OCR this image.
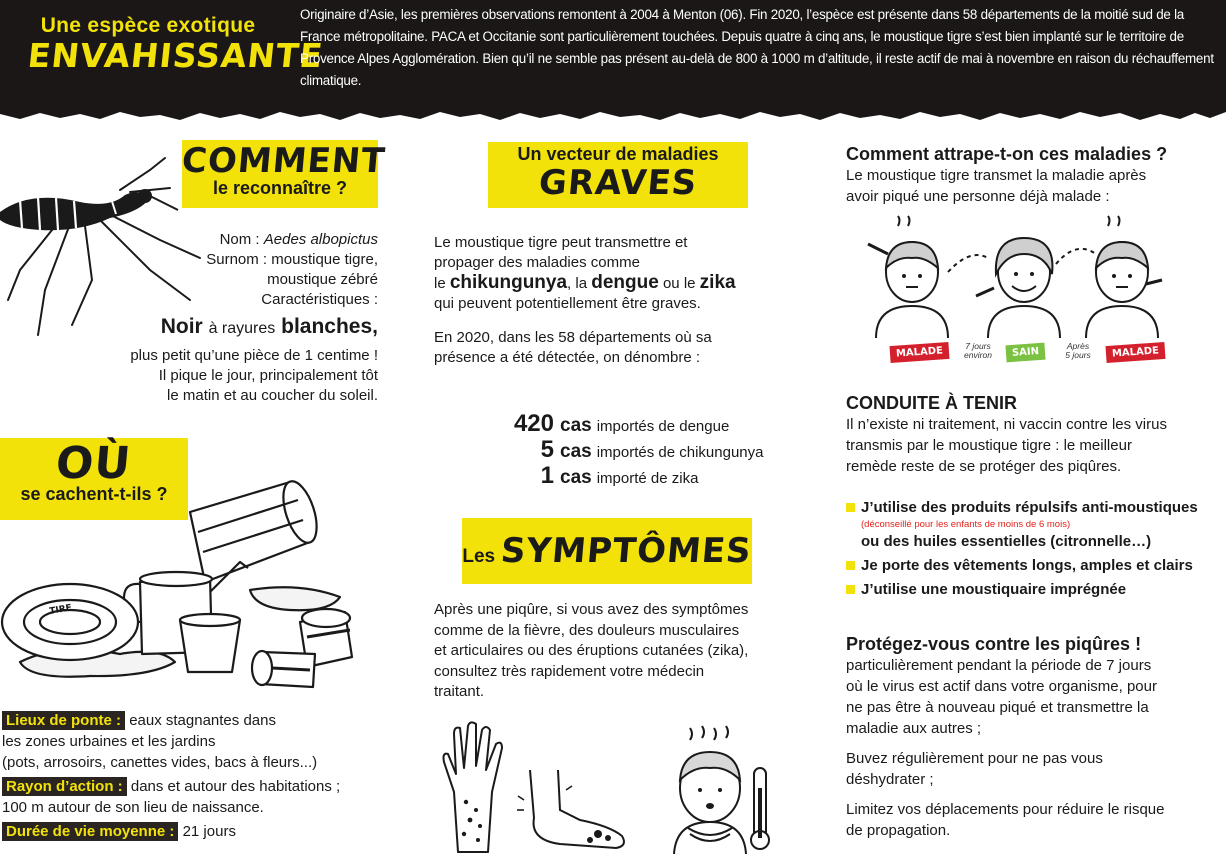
Une espèce exotique
ENVAHISSANTE
Originaire d’Asie, les premières observations remontent à 2004 à Menton (06). Fin 2020, l’espèce est présente dans 58 départements de la moitié sud de la France métropolitaine. PACA et Occitanie sont particulièrement touchées. Depuis quatre à cinq ans, le moustique tigre s’est bien implanté sur le territoire de Provence Alpes Agglomération. Bien qu’il ne semble pas présent au-delà de 800 à 1000 m d’altitude, il reste actif de mai à novembre en raison du réchauffement climatique.
COMMENT
le reconnaître ?
Nom : Aedes albopictus
Surnom : moustique tigre,
moustique zébré
Caractéristiques :
Noir à rayures blanches,
plus petit qu’une pièce de 1 centime !
Il pique le jour, principalement tôt
le matin et au coucher du soleil.
OÙ
se cachent-t-ils ?
TIRE
Lieux de ponte : eaux stagnantes dans
les zones urbaines et les jardins
(pots, arrosoirs, canettes vides, bacs à fleurs...)
Rayon d’action : dans et autour des habitations ;
100 m autour de son lieu de naissance.
Durée de vie moyenne : 21 jours
Un vecteur de maladies
GRAVES

Le moustique tigre peut transmettre et
propager des maladies comme
le chikungunya, la dengue ou le zika
qui peuvent potentiellement être graves.

En 2020, dans les 58 départements où sa
présence a été détectée, on dénombre :

420 cas importés de dengue
5 cas importés de chikungunya
1 cas importé de zika
Les SYMPTÔMES
Après une piqûre, si vous avez des symptômes
comme de la fièvre, des douleurs musculaires
et articulaires ou des éruptions cutanées (zika),
consultez très rapidement votre médecin
traitant.
Comment attrape-t-on ces maladies ?
Le moustique tigre transmet la maladie après
avoir piqué une personne déjà malade :
MALADE	7 jours
environ	SAIN
Après
5 jours	MALADE
CONDUITE À TENIR
Il n’existe ni traitement, ni vaccin contre les virus
transmis par le moustique tigre : le meilleur
remède reste de se protéger des piqûres.
J’utilise des produits répulsifs anti-moustiques
(déconseillé pour les enfants de moins de 6 mois)
ou des huiles essentielles (citronnelle…)
Je porte des vêtements longs, amples et clairs
J’utilise une moustiquaire imprégnée
Protégez-vous contre les piqûres !

particulièrement pendant la période de 7 jours
où le virus est actif dans votre organisme, pour
ne pas être à nouveau piqué et transmettre la
maladie aux autres ;

Buvez régulièrement pour ne pas vous
déshydrater ;

Limitez vos déplacements pour réduire le risque
de propagation.
